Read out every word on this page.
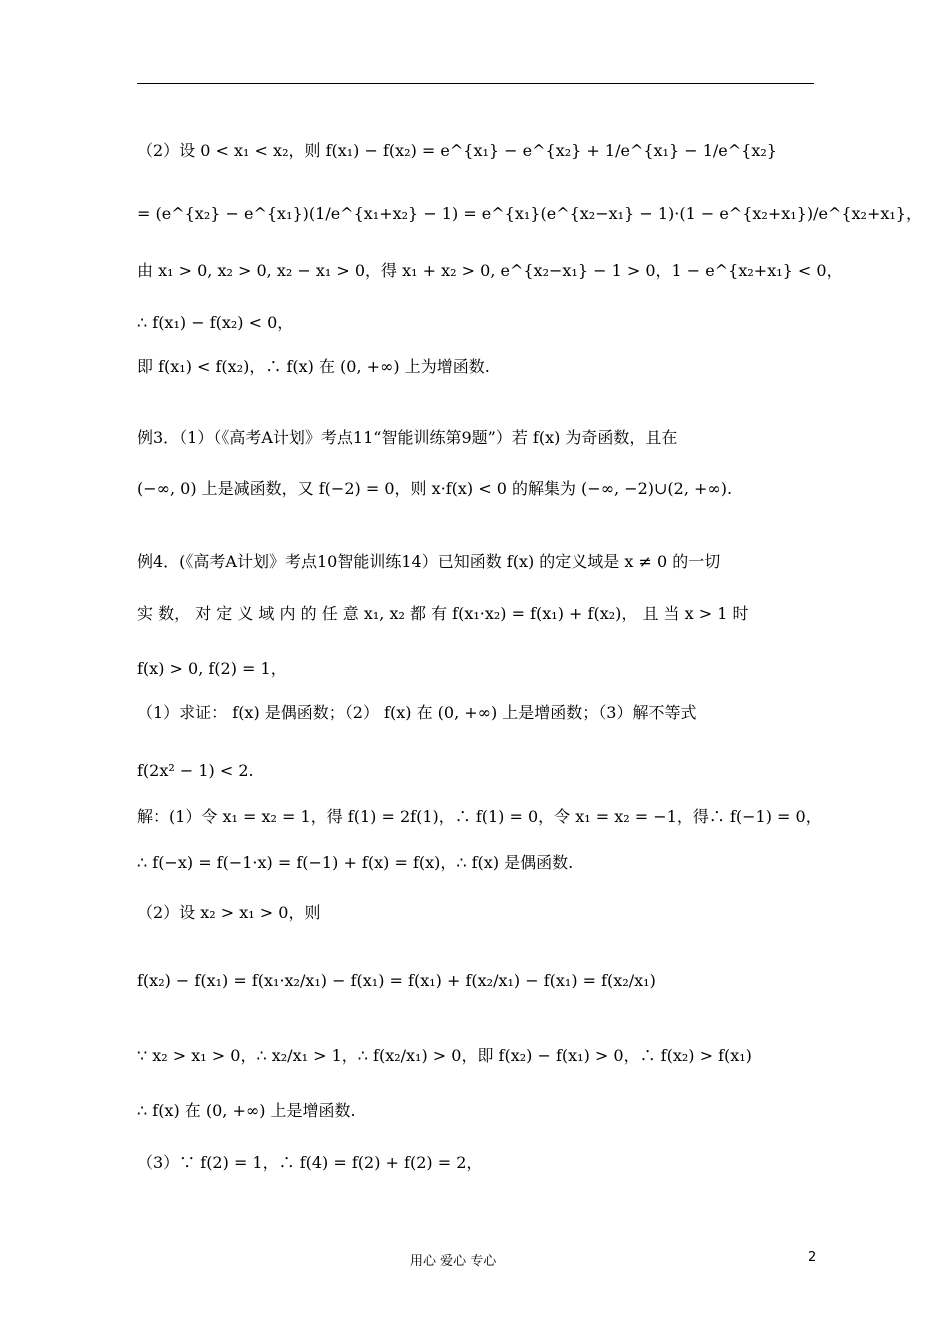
（2）设 0 < x₁ < x₂，则 f(x₁) − f(x₂) = e^{x₁} − e^{x₂} + 1/e^{x₁} − 1/e^{x₂}
= (e^{x₂} − e^{x₁})(1/e^{x₁+x₂} − 1) = e^{x₁}(e^{x₂−x₁} − 1)·(1 − e^{x₂+x₁})/e^{x₂+x₁}，
由 x₁ > 0, x₂ > 0, x₂ − x₁ > 0，得 x₁ + x₂ > 0, e^{x₂−x₁} − 1 > 0，1 − e^{x₂+x₁} < 0，
∴ f(x₁) − f(x₂) < 0，
即 f(x₁) < f(x₂)，∴ f(x) 在 (0, +∞) 上为增函数.
例3．（1）（《高考A计划》考点11“智能训练第9题”）若 f(x) 为奇函数，且在
(−∞, 0) 上是减函数，又 f(−2) = 0，则 x·f(x) < 0 的解集为 (−∞, −2)∪(2, +∞).
例4．(《高考A计划》考点10智能训练14）已知函数 f(x) 的定义域是 x ≠ 0 的一切
实 数， 对 定 义 域 内 的 任 意 x₁, x₂ 都 有 f(x₁·x₂) = f(x₁) + f(x₂)， 且 当 x > 1 时
f(x) > 0, f(2) = 1，
（1）求证： f(x) 是偶函数；（2） f(x) 在 (0, +∞) 上是增函数；（3）解不等式
f(2x² − 1) < 2.
解：(1）令 x₁ = x₂ = 1，得 f(1) = 2f(1)，∴ f(1) = 0，令 x₁ = x₂ = −1，得∴ f(−1) = 0，
∴ f(−x) = f(−1·x) = f(−1) + f(x) = f(x)，∴ f(x) 是偶函数.
（2）设 x₂ > x₁ > 0，则
f(x₂) − f(x₁) = f(x₁·x₂/x₁) − f(x₁) = f(x₁) + f(x₂/x₁) − f(x₁) = f(x₂/x₁)
∵ x₂ > x₁ > 0，∴ x₂/x₁ > 1，∴ f(x₂/x₁) > 0，即 f(x₂) − f(x₁) > 0，∴ f(x₂) > f(x₁)
∴ f(x) 在 (0, +∞) 上是增函数.
（3）∵ f(2) = 1，∴ f(4) = f(2) + f(2) = 2，
用心 爱心 专心	2
